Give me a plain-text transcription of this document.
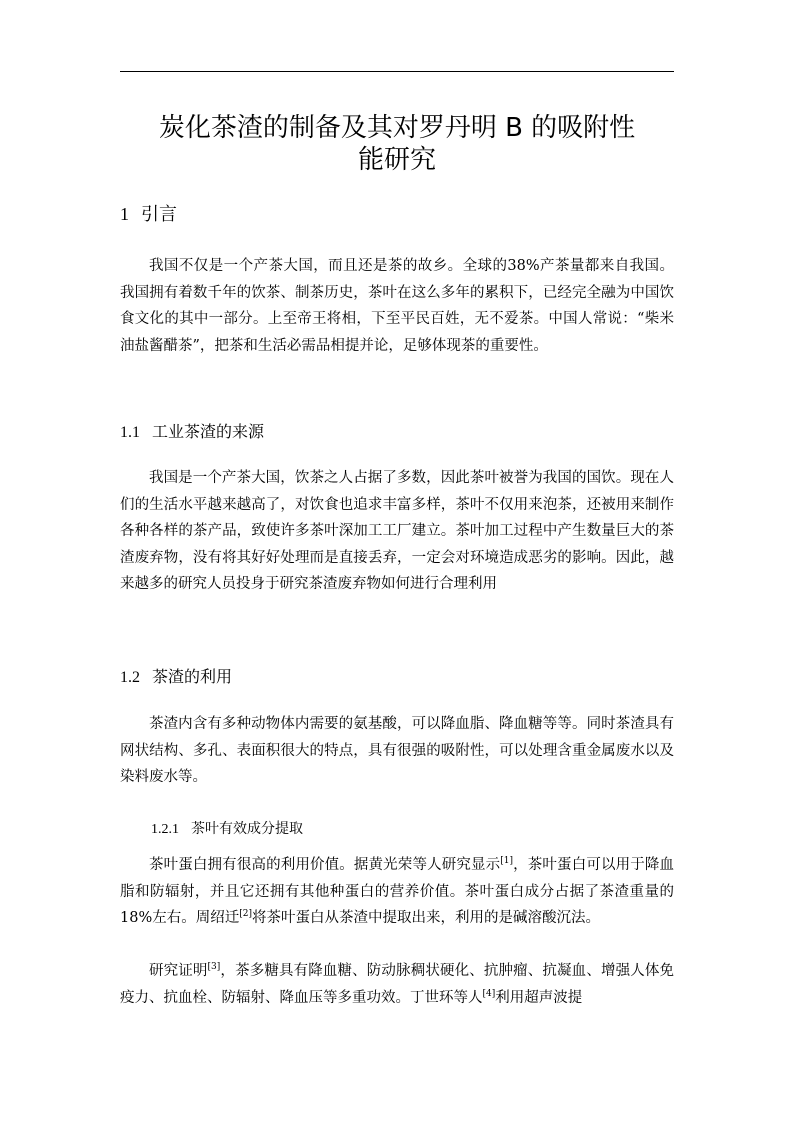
炭化茶渣的制备及其对罗丹明 B 的吸附性
能研究
1 引言

我国不仅是一个产茶大国，而且还是茶的故乡。全球的38%产茶量都来自我国。我国拥有着数千年的饮茶、制茶历史，茶叶在这么多年的累积下，已经完全融为中国饮食文化的其中一部分。上至帝王将相，下至平民百姓，无不爱茶。中国人常说：“柴米油盐酱醋茶”，把茶和生活必需品相提并论，足够体现茶的重要性。

1.1 工业茶渣的来源

我国是一个产茶大国，饮茶之人占据了多数，因此茶叶被誉为我国的国饮。现在人们的生活水平越来越高了，对饮食也追求丰富多样，茶叶不仅用来泡茶，还被用来制作各种各样的茶产品，致使许多茶叶深加工工厂建立。茶叶加工过程中产生数量巨大的茶渣废弃物，没有将其好好处理而是直接丢弃，一定会对环境造成恶劣的影响。因此，越来越多的研究人员投身于研究茶渣废弃物如何进行合理利用

1.2 茶渣的利用

茶渣内含有多种动物体内需要的氨基酸，可以降血脂、降血糖等等。同时茶渣具有网状结构、多孔、表面积很大的特点，具有很强的吸附性，可以处理含重金属废水以及染料废水等。

1.2.1 茶叶有效成分提取

茶叶蛋白拥有很高的利用价值。据黄光荣等人研究显示[1]，茶叶蛋白可以用于降血脂和防辐射，并且它还拥有其他种蛋白的营养价值。茶叶蛋白成分占据了茶渣重量的18%左右。周绍迁[2]将茶叶蛋白从茶渣中提取出来，利用的是碱溶酸沉法。

研究证明[3]，茶多糖具有降血糖、防动脉稠状硬化、抗肿瘤、抗凝血、增强人体免疫力、抗血栓、防辐射、降血压等多重功效。丁世环等人[4]利用超声波提
